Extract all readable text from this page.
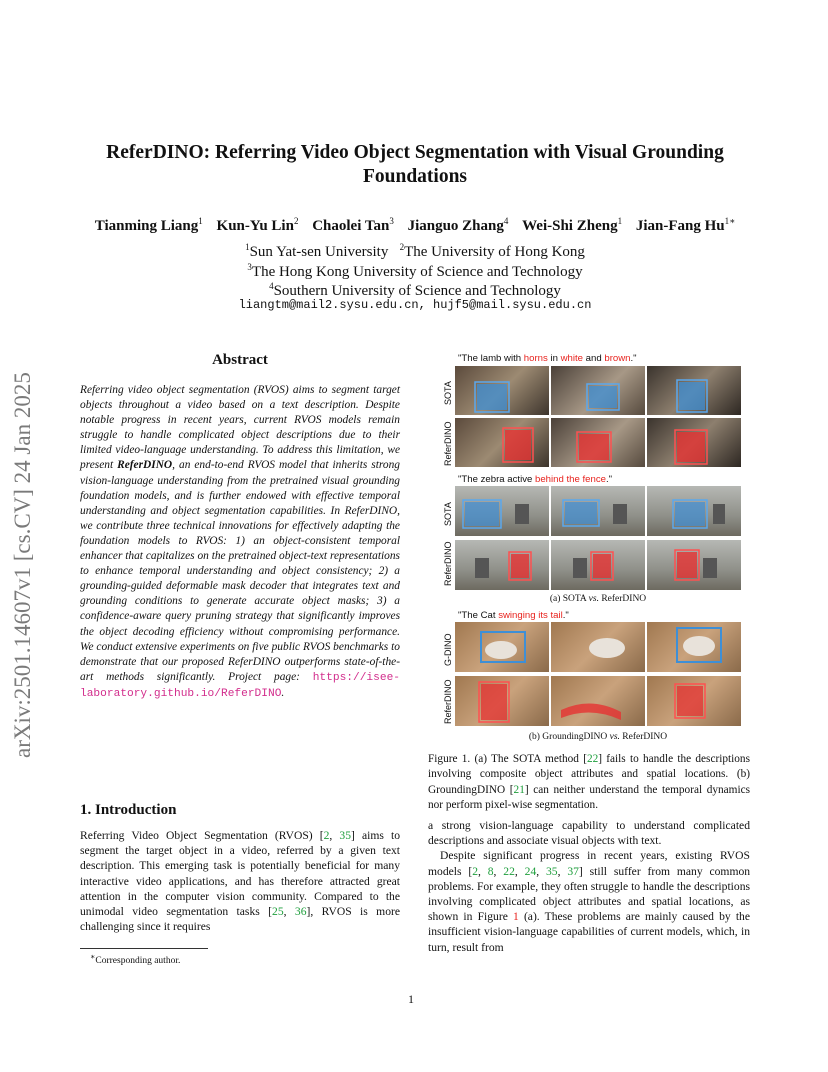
ReferDINO: Referring Video Object Segmentation with Visual Grounding Foundations
Tianming Liang$^1$ Kun-Yu Lin$^2$ Chaolei Tan$^3$ Jianguo Zhang$^4$ Wei-Shi Zheng$^1$ Jian-Fang $Hu^{1∗}$
$^1$Sun Yat-sen University $^2$The University of Hong Kong
$^3$The Hong Kong University of Science and Technology
$^4$Southern University of Science and Technology
liangtm@mail2.sysu.edu.cn, hujf5@mail.sysu.edu.cn
arXiv:2501.14607v1 [cs.CV] 24 Jan 2025
Abstract
Referring video object segmentation (RVOS) aims to segment target objects throughout a video based on a text description. Despite notable progress in recent years, current RVOS models remain struggle to handle complicated object descriptions due to their limited video-language understanding. To address this limitation, we present ReferDINO, an end-to-end RVOS model that inherits strong vision-language understanding from the pretrained visual grounding foundation models, and is further endowed with effective temporal understanding and object segmentation capabilities. In ReferDINO, we contribute three technical innovations for effectively adapting the foundation models to RVOS: 1) an object-consistent temporal enhancer that capitalizes on the pretrained object-text representations to enhance temporal understanding and object consistency; 2) a grounding-guided deformable mask decoder that integrates text and grounding conditions to generate accurate object masks; 3) a confidence-aware query pruning strategy that significantly improves the object decoding efficiency without compromising performance. We conduct extensive experiments on five public RVOS benchmarks to demonstrate that our proposed ReferDINO outperforms state-of-the-art methods significantly. Project page: https://isee-laboratory.github.io/ReferDINO.
1. Introduction
Referring Video Object Segmentation (RVOS) [2, 35] aims to segment the target object in a video, referred by a given text description. This emerging task is potentially beneficial for many interactive video applications, and has therefore attracted great attention in the computer vision community. Compared to the unimodal video segmentation tasks [25, 36], RVOS is more challenging since it requires
∗Corresponding author.
1
"The lamb with horns in white and brown."
SOTA
ReferDINO
"The zebra active behind the fence."
SOTA
ReferDINO
(a) SOTA vs. ReferDINO
"The Cat swinging its tail."
G-DINO
ReferDINO
(b) GroundingDINO vs. ReferDINO
Figure 1. (a) The SOTA method [22] fails to handle the descriptions involving composite object attributes and spatial locations. (b) GroundingDINO [21] can neither understand the temporal dynamics nor perform pixel-wise segmentation.
a strong vision-language capability to understand complicated descriptions and associate visual objects with text.
Despite significant progress in recent years, existing RVOS models [2, 8, 22, 24, 35, 37] still suffer from many common problems. For example, they often struggle to handle the descriptions involving complicated object attributes and spatial locations, as shown in Figure 1 (a). These problems are mainly caused by the insufficient vision-language capabilities of current models, which, in turn, result from
